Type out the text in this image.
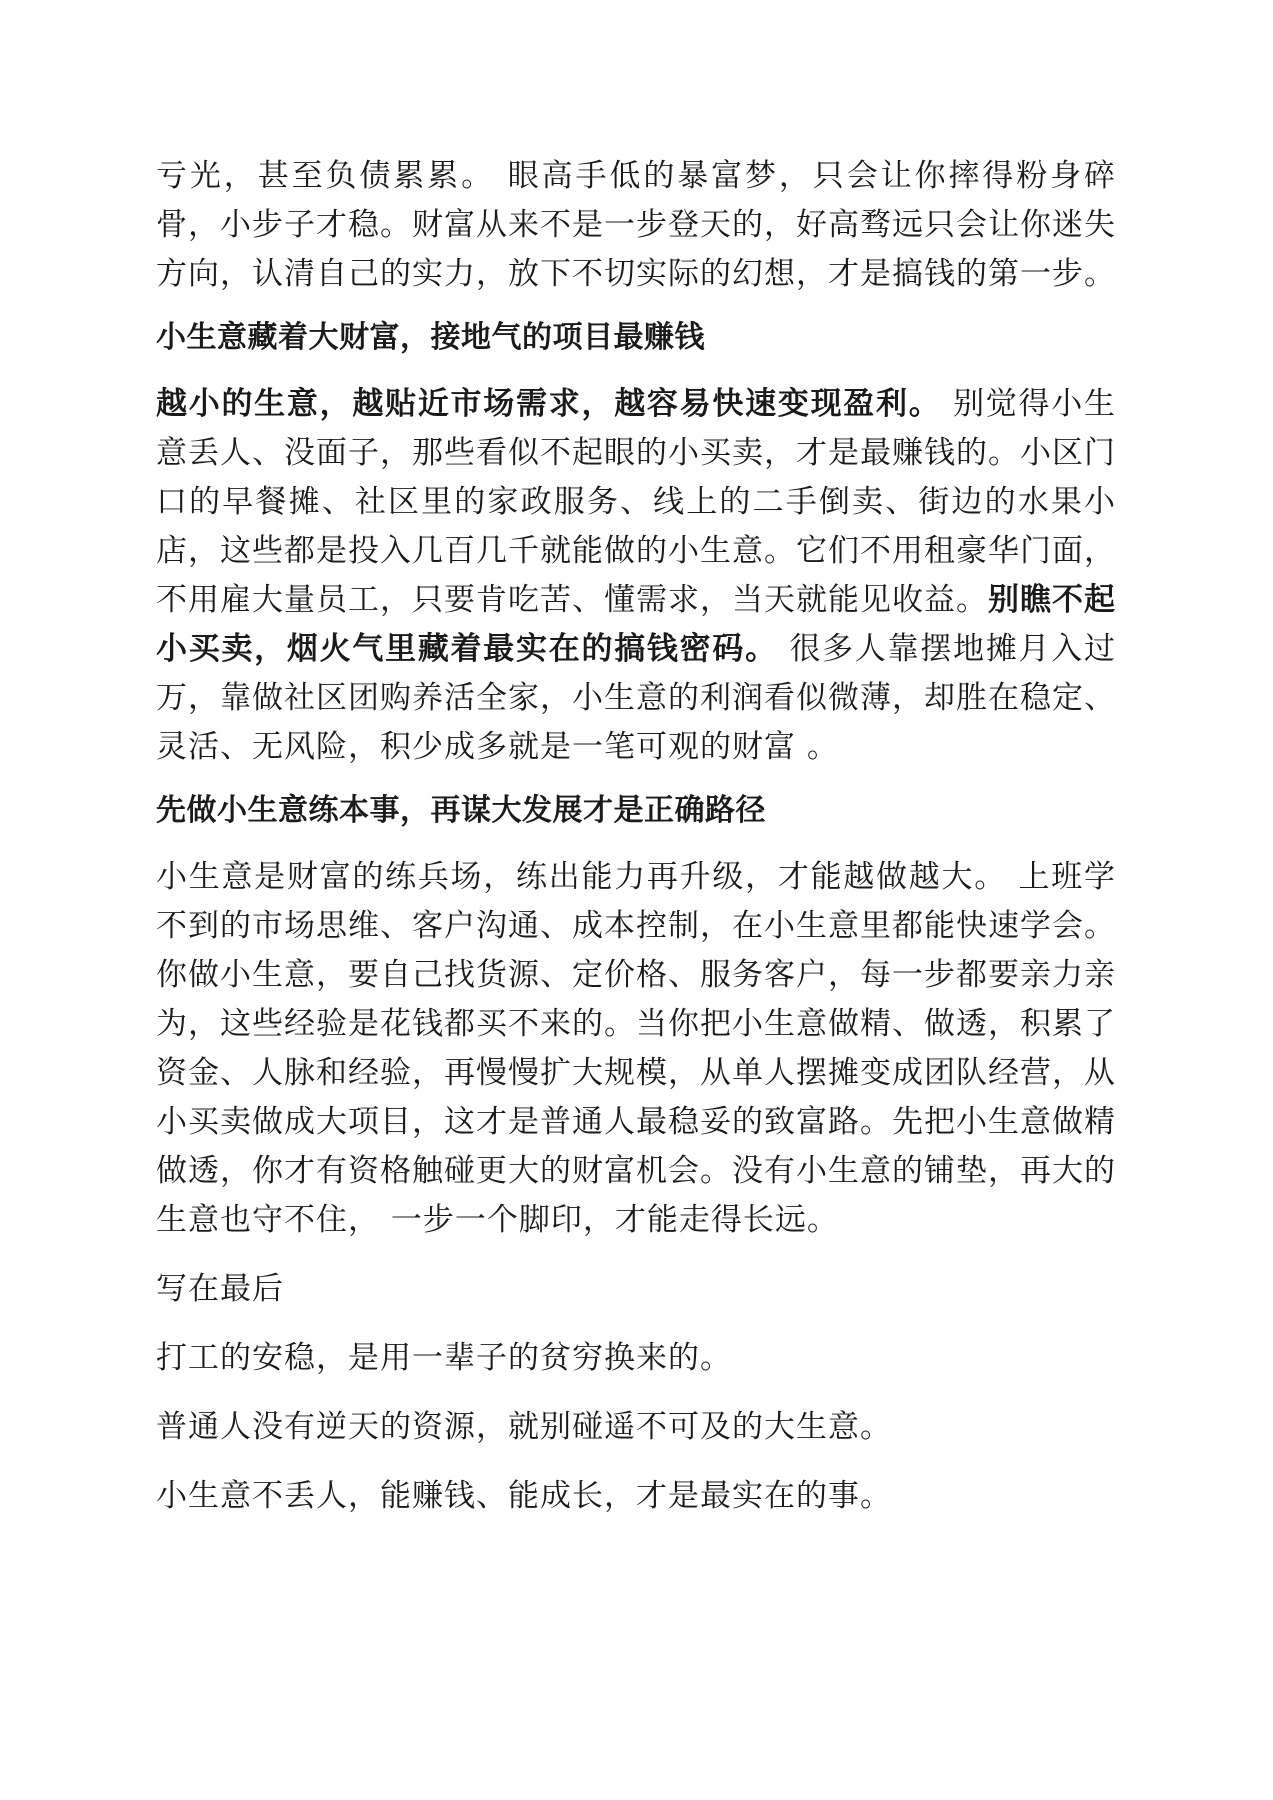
亏光，甚至负债累累。 眼高手低的暴富梦，只会让你摔得粉身碎骨，小步子才稳。财富从来不是一步登天的，好高骛远只会让你迷失方向，认清自己的实力，放下不切实际的幻想，才是搞钱的第一步。

小生意藏着大财富，接地气的项目最赚钱

越小的生意，越贴近市场需求，越容易快速变现盈利。 别觉得小生意丢人、没面子，那些看似不起眼的小买卖，才是最赚钱的。小区门口的早餐摊、社区里的家政服务、线上的二手倒卖、街边的水果小店，这些都是投入几百几千就能做的小生意。它们不用租豪华门面，不用雇大量员工，只要肯吃苦、懂需求，当天就能见收益。别瞧不起小买卖，烟火气里藏着最实在的搞钱密码。 很多人靠摆地摊月入过万，靠做社区团购养活全家，小生意的利润看似微薄，却胜在稳定、灵活、无风险，积少成多就是一笔可观的财富 。

先做小生意练本事，再谋大发展才是正确路径

小生意是财富的练兵场，练出能力再升级，才能越做越大。 上班学不到的市场思维、客户沟通、成本控制，在小生意里都能快速学会。你做小生意，要自己找货源、定价格、服务客户，每一步都要亲力亲为，这些经验是花钱都买不来的。当你把小生意做精、做透，积累了资金、人脉和经验，再慢慢扩大规模，从单人摆摊变成团队经营，从小买卖做成大项目，这才是普通人最稳妥的致富路。先把小生意做精做透，你才有资格触碰更大的财富机会。没有小生意的铺垫，再大的生意也守不住， 一步一个脚印，才能走得长远。

写在最后

打工的安稳，是用一辈子的贫穷换来的。

普通人没有逆天的资源，就别碰遥不可及的大生意。

小生意不丢人，能赚钱、能成长，才是最实在的事。
